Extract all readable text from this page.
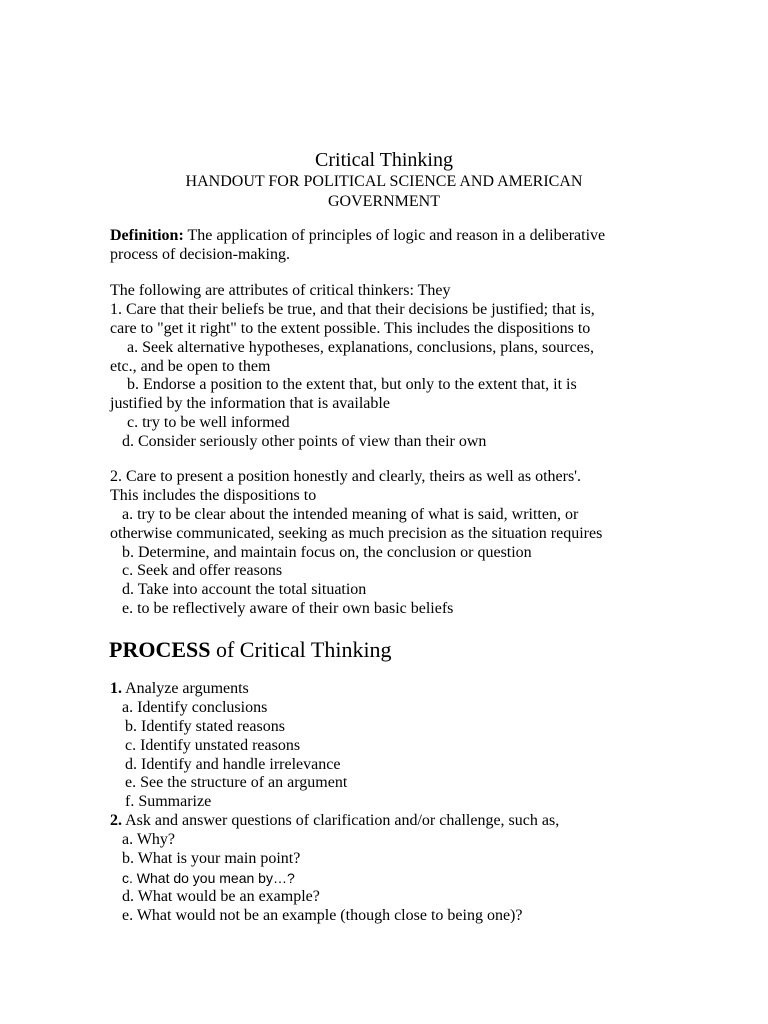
Critical Thinking
HANDOUT FOR POLITICAL SCIENCE AND AMERICAN
GOVERNMENT
Definition: The application of principles of logic and reason in a deliberative
process of decision-making.
The following are attributes of critical thinkers: They
1. Care that their beliefs be true, and that their decisions be justified; that is,
care to "get it right" to the extent possible. This includes the dispositions to
a. Seek alternative hypotheses, explanations, conclusions, plans, sources,
etc., and be open to them
b. Endorse a position to the extent that, but only to the extent that, it is
justified by the information that is available
c. try to be well informed
d. Consider seriously other points of view than their own
2. Care to present a position honestly and clearly, theirs as well as others'.
This includes the dispositions to
a. try to be clear about the intended meaning of what is said, written, or
otherwise communicated, seeking as much precision as the situation requires
b. Determine, and maintain focus on, the conclusion or question
c. Seek and offer reasons
d. Take into account the total situation
e. to be reflectively aware of their own basic beliefs
PROCESS of Critical Thinking
1. Analyze arguments
a. Identify conclusions
b. Identify stated reasons
c. Identify unstated reasons
d. Identify and handle irrelevance
e. See the structure of an argument
f. Summarize
2. Ask and answer questions of clarification and/or challenge, such as,
a. Why?
b. What is your main point?
c. What do you mean by…?
d. What would be an example?
e. What would not be an example (though close to being one)?
